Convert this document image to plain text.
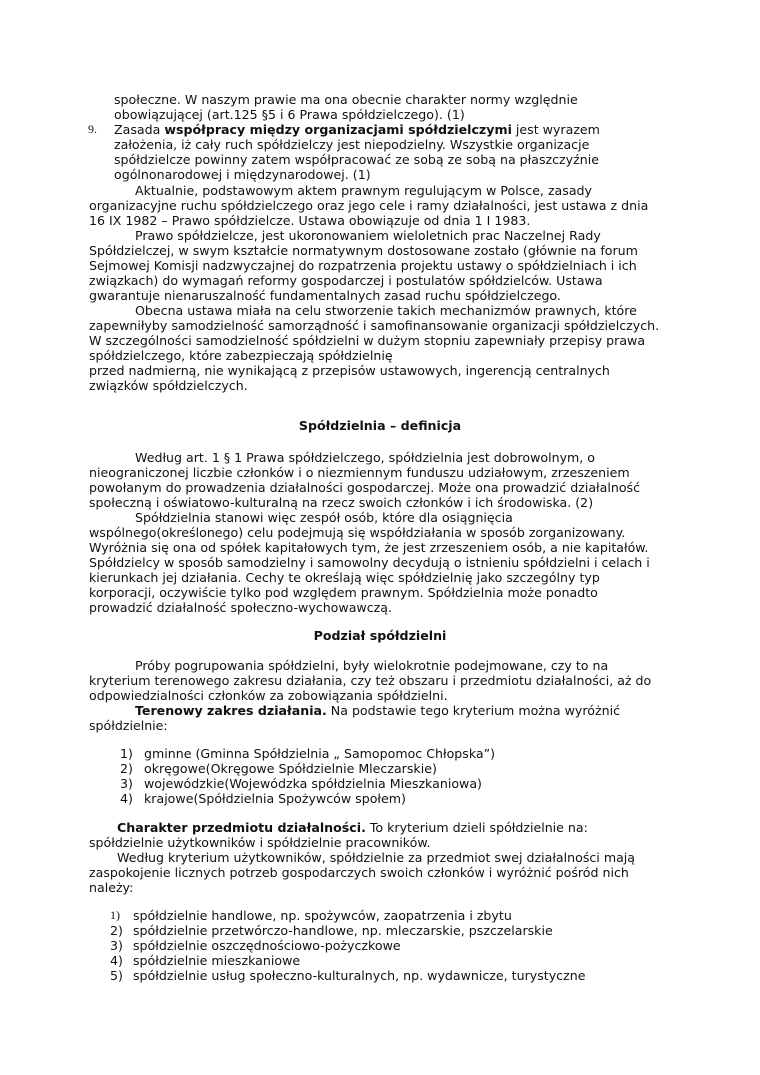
społeczne. W naszym prawie ma ona obecnie charakter normy względnie
obowiązującej (art.125 §5 i 6 Prawa spółdzielczego). (1)
9. Zasada współpracy między organizacjami spółdzielczymi jest wyrazem
założenia, iż cały ruch spółdzielczy jest niepodzielny. Wszystkie organizacje
spółdzielcze powinny zatem współpracować ze sobą ze sobą na płaszczyźnie
ogólnonarodowej i międzynarodowej. (1)
Aktualnie, podstawowym aktem prawnym regulującym w Polsce, zasady
organizacyjne ruchu spółdzielczego oraz jego cele i ramy działalności, jest ustawa z dnia
16 IX 1982 – Prawo spółdzielcze. Ustawa obowiązuje od dnia 1 I 1983.
Prawo spółdzielcze, jest ukoronowaniem wieloletnich prac Naczelnej Rady
Spółdzielczej, w swym kształcie normatywnym dostosowane zostało (głównie na forum
Sejmowej Komisji nadzwyczajnej do rozpatrzenia projektu ustawy o spółdzielniach i ich
związkach) do wymagań reformy gospodarczej i postulatów spółdzielców. Ustawa
gwarantuje nienaruszalność fundamentalnych zasad ruchu spółdzielczego.
Obecna ustawa miała na celu stworzenie takich mechanizmów prawnych, które
zapewniłyby samodzielność samorządność i samofinansowanie organizacji spółdzielczych.
W szczególności samodzielność spółdzielni w dużym stopniu zapewniały przepisy prawa
spółdzielczego, które zabezpieczają spółdzielnię
przed nadmierną, nie wynikającą z przepisów ustawowych, ingerencją centralnych
związków spółdzielczych.
Spółdzielnia – definicja
Według art. 1 § 1 Prawa spółdzielczego, spółdzielnia jest dobrowolnym, o
nieograniczonej liczbie członków i o niezmiennym funduszu udziałowym, zrzeszeniem
powołanym do prowadzenia działalności gospodarczej. Może ona prowadzić działalność
społeczną i oświatowo-kulturalną na rzecz swoich członków i ich środowiska. (2)
Spółdzielnia stanowi więc zespół osób, które dla osiągnięcia
wspólnego(określonego) celu podejmują się współdziałania w sposób zorganizowany.
Wyróżnia się ona od spółek kapitałowych tym, że jest zrzeszeniem osób, a nie kapitałów.
Spółdzielcy w sposób samodzielny i samowolny decydują o istnieniu spółdzielni i celach i
kierunkach jej działania. Cechy te określają więc spółdzielnię jako szczególny typ
korporacji, oczywiście tylko pod względem prawnym. Spółdzielnia może ponadto
prowadzić działalność społeczno-wychowawczą.
Podział spółdzielni
Próby pogrupowania spółdzielni, były wielokrotnie podejmowane, czy to na
kryterium terenowego zakresu działania, czy też obszaru i przedmiotu działalności, aż do
odpowiedzialności członków za zobowiązania spółdzielni.
Terenowy zakres działania. Na podstawie tego kryterium można wyróżnić
spółdzielnie:
1) gminne (Gminna Spółdzielnia „ Samopomoc Chłopska”)
2) okręgowe(Okręgowe Spółdzielnie Mleczarskie)
3) wojewódzkie(Wojewódzka spółdzielnia Mieszkaniowa)
4) krajowe(Spółdzielnia Spożywców społem)
Charakter przedmiotu działalności. To kryterium dzieli spółdzielnie na:
spółdzielnie użytkowników i spółdzielnie pracowników.
Według kryterium użytkowników, spółdzielnie za przedmiot swej działalności mają
zaspokojenie licznych potrzeb gospodarczych swoich członków i wyróżnić pośród nich
należy:
1) spółdzielnie handlowe, np. spożywców, zaopatrzenia i zbytu
2) spółdzielnie przetwórczo-handlowe, np. mleczarskie, pszczelarskie
3) spółdzielnie oszczędnościowo-pożyczkowe
4) spółdzielnie mieszkaniowe
5) spółdzielnie usług społeczno-kulturalnych, np. wydawnicze, turystyczne
